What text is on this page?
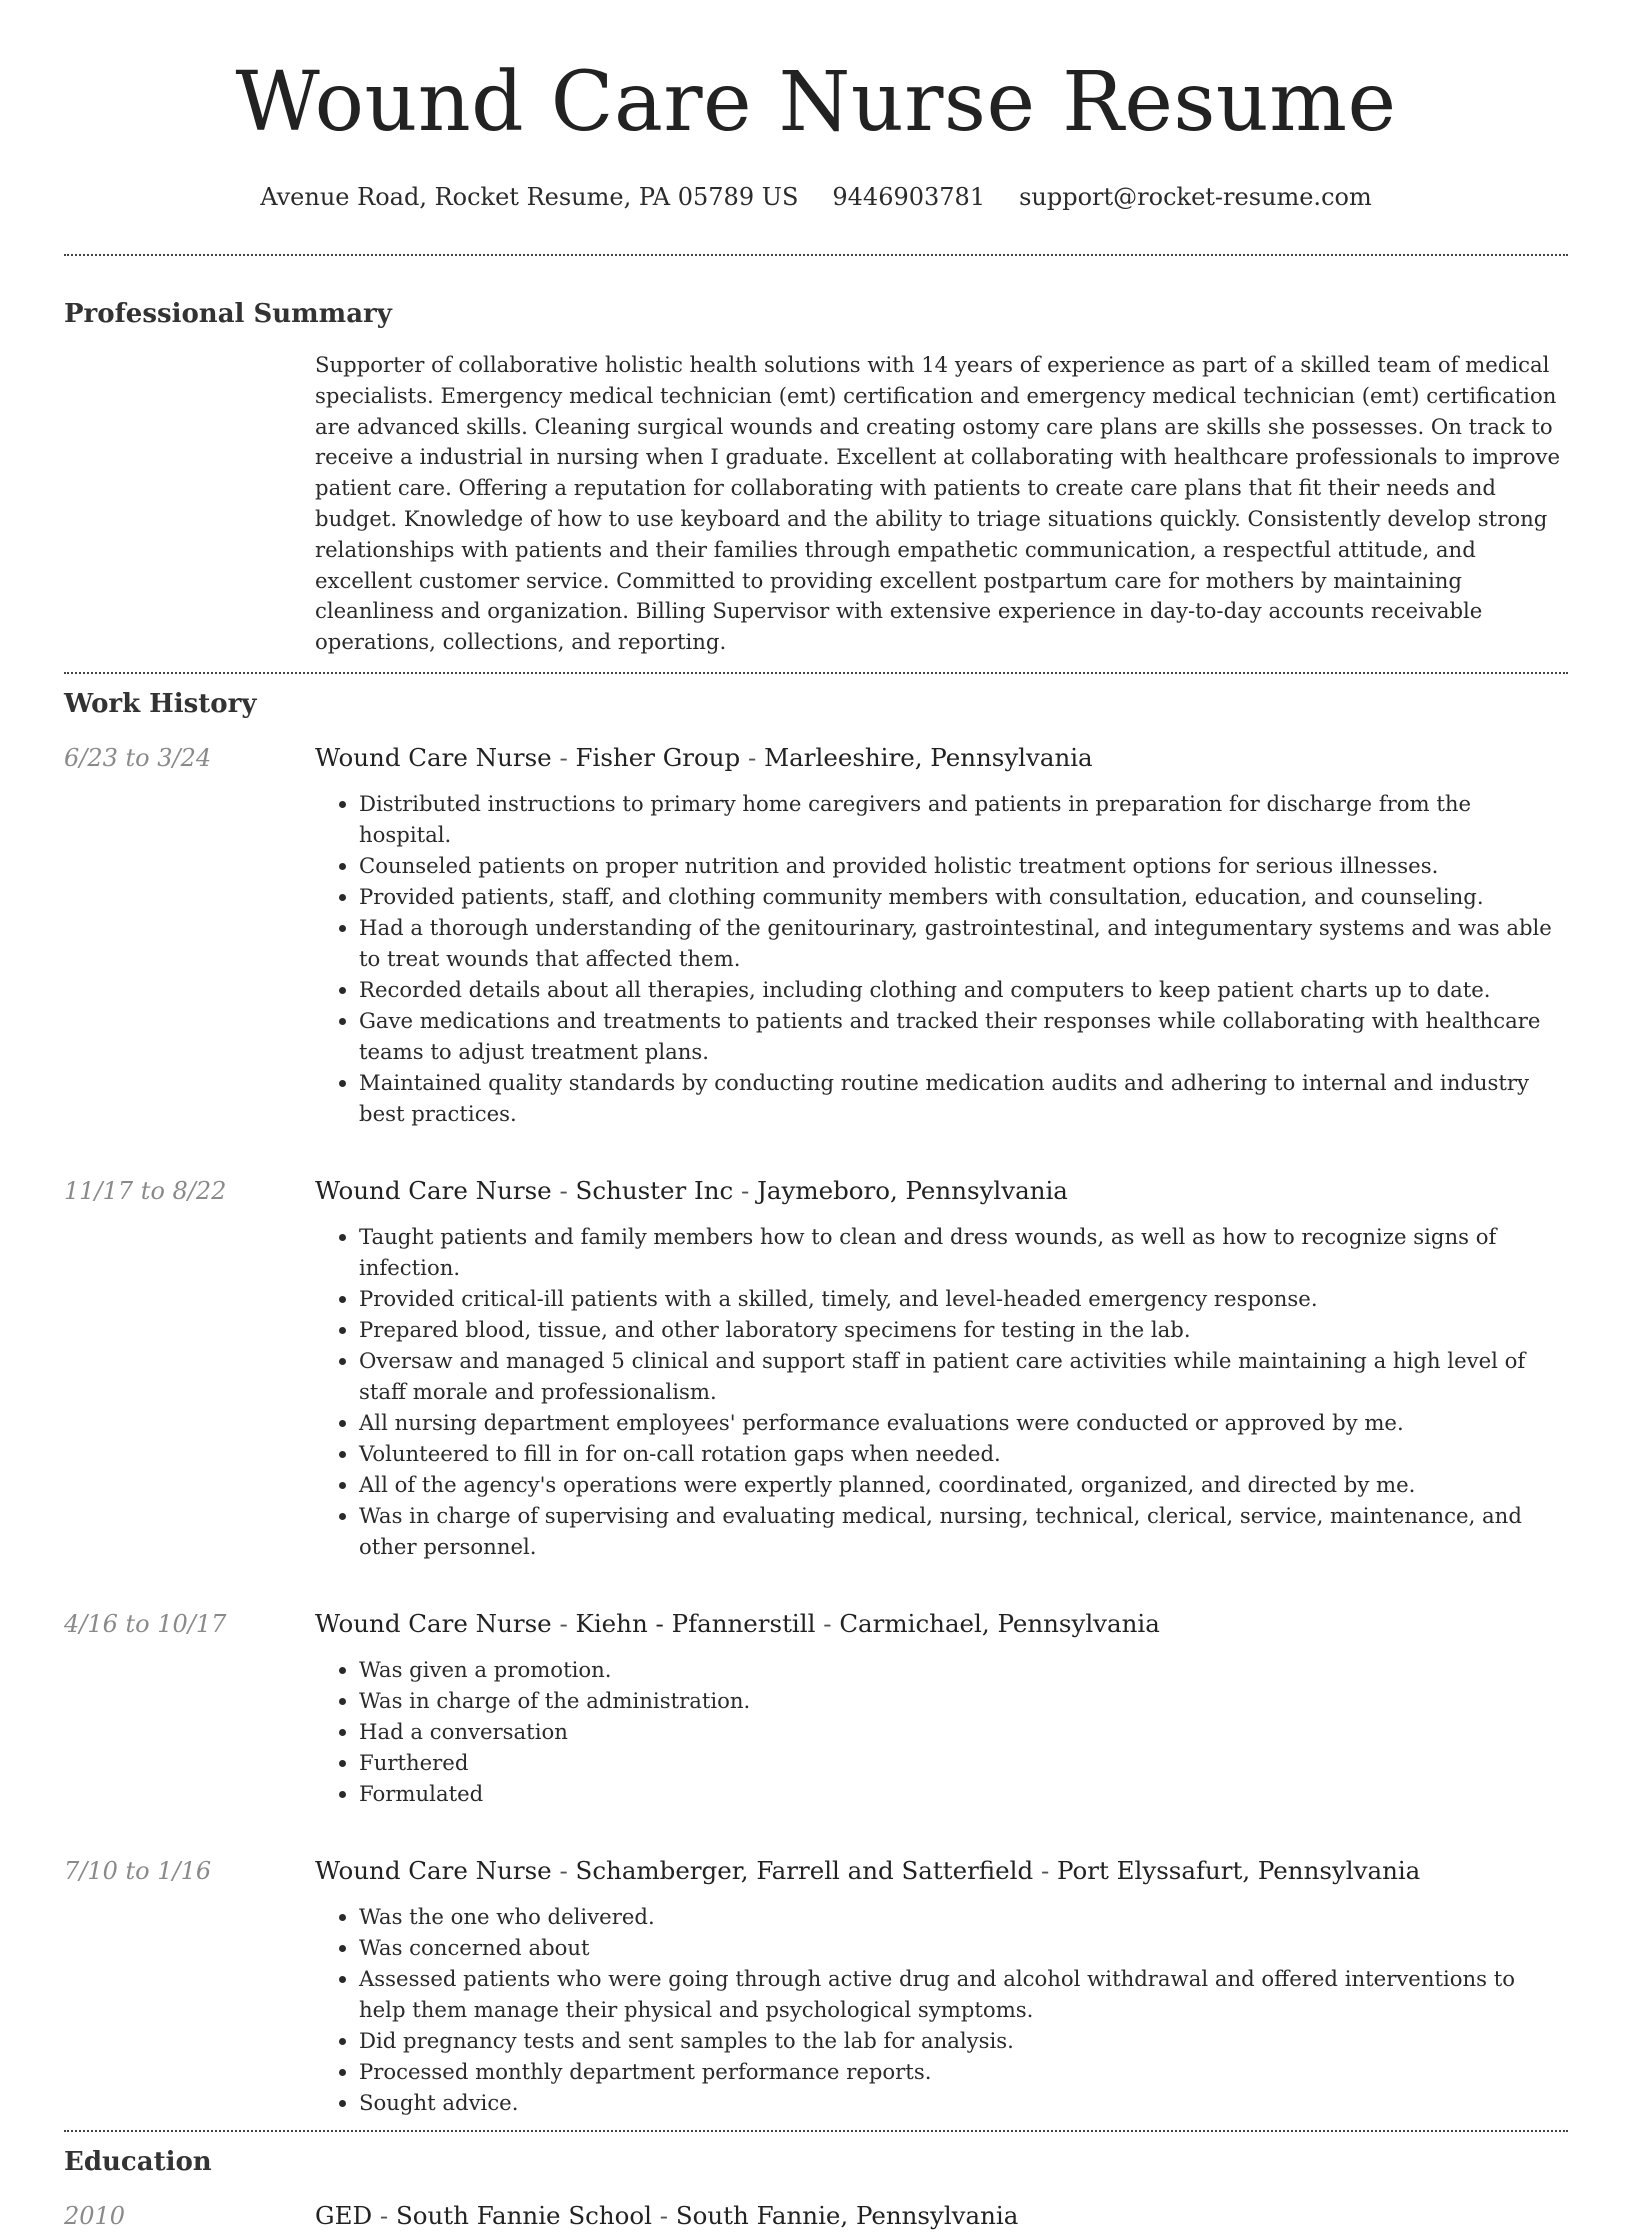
Wound Care Nurse Resume
Avenue Road, Rocket Resume, PA 05789 US 9446903781 support@rocket-resume.com
Professional Summary

Supporter of collaborative holistic health solutions with 14 years of experience as part of a skilled team of medical specialists. Emergency medical technician (emt) certification and emergency medical technician (emt) certification are advanced skills. Cleaning surgical wounds and creating ostomy care plans are skills she possesses. On track to receive a industrial in nursing when I graduate. Excellent at collaborating with healthcare professionals to improve patient care. Offering a reputation for collaborating with patients to create care plans that fit their needs and budget. Knowledge of how to use keyboard and the ability to triage situations quickly. Consistently develop strong relationships with patients and their families through empathetic communication, a respectful attitude, and excellent customer service. Committed to providing excellent postpartum care for mothers by maintaining cleanliness and organization. Billing Supervisor with extensive experience in day-to-day accounts receivable operations, collections, and reporting.

Work History
6/23 to 3/24	Wound Care Nurse - Fisher Group - Marleeshire, Pennsylvania
• Distributed instructions to primary home caregivers and patients in preparation for discharge from the hospital.
• Counseled patients on proper nutrition and provided holistic treatment options for serious illnesses.
• Provided patients, staff, and clothing community members with consultation, education, and counseling.
• Had a thorough understanding of the genitourinary, gastrointestinal, and integumentary systems and was able to treat wounds that affected them.
• Recorded details about all therapies, including clothing and computers to keep patient charts up to date.
• Gave medications and treatments to patients and tracked their responses while collaborating with healthcare teams to adjust treatment plans.
• Maintained quality standards by conducting routine medication audits and adhering to internal and industry best practices.
11/17 to 8/22	Wound Care Nurse - Schuster Inc - Jaymeboro, Pennsylvania
• Taught patients and family members how to clean and dress wounds, as well as how to recognize signs of infection.
• Provided critical-ill patients with a skilled, timely, and level-headed emergency response.
• Prepared blood, tissue, and other laboratory specimens for testing in the lab.
• Oversaw and managed 5 clinical and support staff in patient care activities while maintaining a high level of staff morale and professionalism.
• All nursing department employees' performance evaluations were conducted or approved by me.
• Volunteered to fill in for on-call rotation gaps when needed.
• All of the agency's operations were expertly planned, coordinated, organized, and directed by me.
• Was in charge of supervising and evaluating medical, nursing, technical, clerical, service, maintenance, and other personnel.
4/16 to 10/17	Wound Care Nurse - Kiehn - Pfannerstill - Carmichael, Pennsylvania
• Was given a promotion.
• Was in charge of the administration.
• Had a conversation
• Furthered
• Formulated
7/10 to 1/16	Wound Care Nurse - Schamberger, Farrell and Satterfield - Port Elyssafurt, Pennsylvania
• Was the one who delivered.
• Was concerned about
• Assessed patients who were going through active drug and alcohol withdrawal and offered interventions to help them manage their physical and psychological symptoms.
• Did pregnancy tests and sent samples to the lab for analysis.
• Processed monthly department performance reports.
• Sought advice.
Education
2010	GED - South Fannie School - South Fannie, Pennsylvania
